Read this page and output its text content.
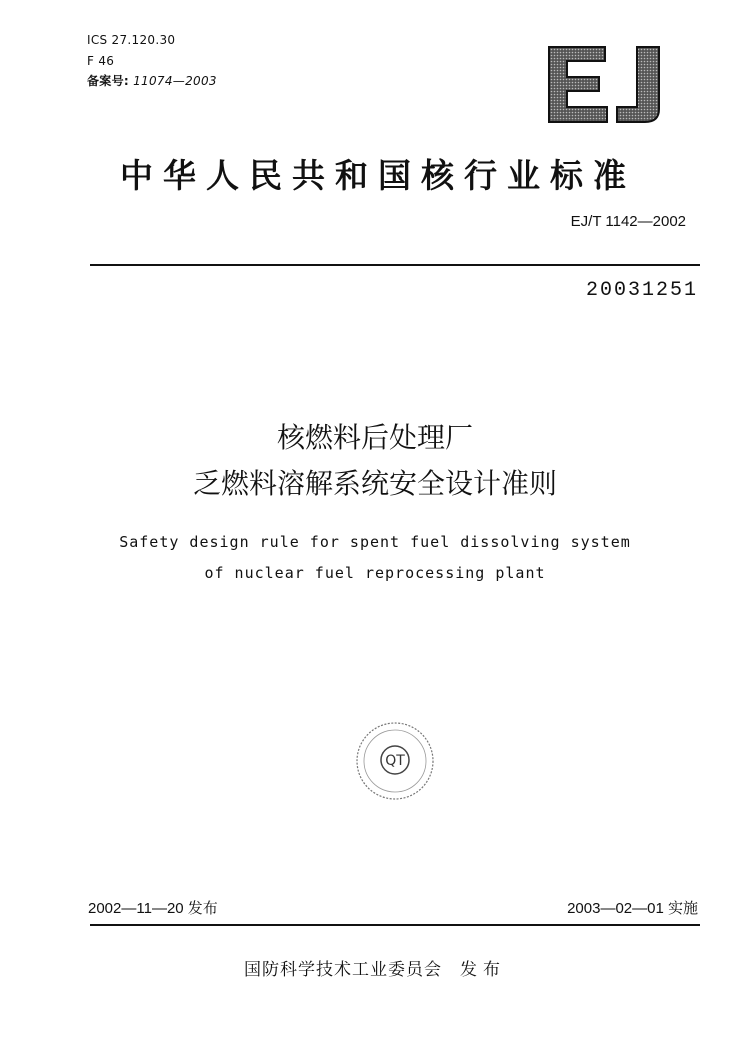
ICS 27.120.30
F 46
备案号: 11074—2003
中华人民共和国核行业标准
EJ/T 1142—2002
20031251
核燃料后处理厂
乏燃料溶解系统安全设计准则
Safety design rule for spent fuel dissolving system
of nuclear fuel reprocessing plant
QT
2002—11—20 发布	2003—02—01 实施
国防科学技术工业委员会 发布
